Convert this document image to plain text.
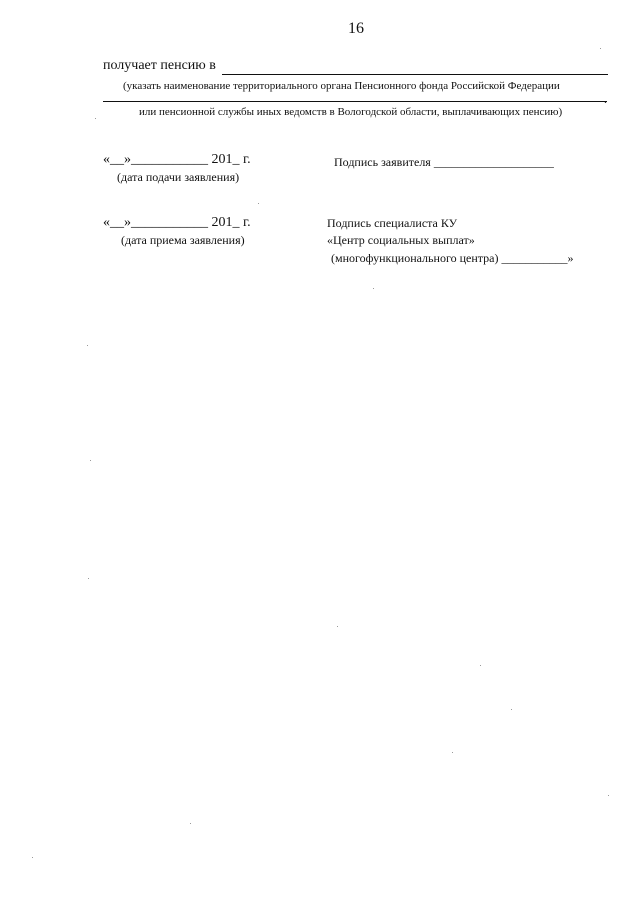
16
получает пенсию в
(указать наименование территориального органа Пенсионного фонда Российской Федерации
.
или пенсионной службы иных ведомств в Вологодской области, выплачивающих пенсию)
«__»___________ 201_ г.
(дата подачи заявления)
Подпись заявителя ____________________
«__»___________ 201_ г.
(дата приема заявления)
Подпись специалиста КУ
«Центр социальных выплат»
(многофункционального центра) ___________»
